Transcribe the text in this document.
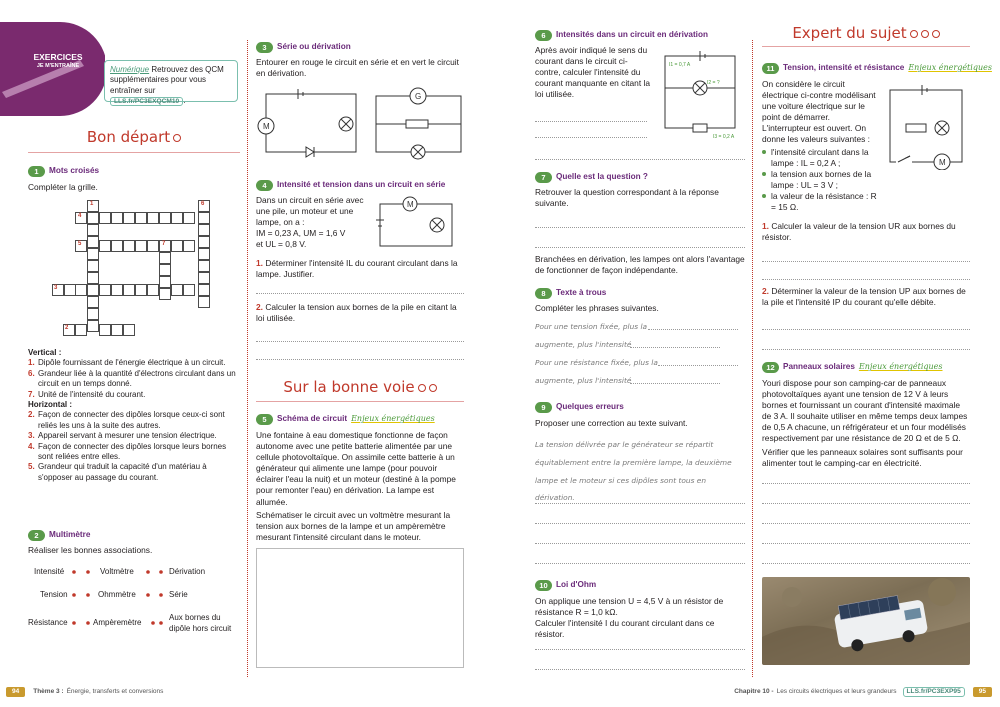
EXERCICES
JE M'ENTRAÎNE	Numérique Retrouvez des QCM supplémentaires pour vous entraîner sur LLS.fr/PC3EXQCM10 .
Bon départ
1	Mots croisés
Compléter la grille.
1	6
4
5	7
3
2
Vertical :
1. Dipôle fournissant de l'énergie électrique à un circuit.
6. Grandeur liée à la quantité d'électrons circulant dans un circuit en un temps donné.
7. Unité de l'intensité du courant.
Horizontal :
2. Façon de connecter des dipôles lorsque ceux-ci sont reliés les uns à la suite des autres.
3. Appareil servant à mesurer une tension électrique.
4. Façon de connecter des dipôles lorsque leurs bornes sont reliées entre elles.
5. Grandeur qui traduit la capacité d'un matériau à s'opposer au passage du courant.
2	Multimètre
Réaliser les bonnes associations.
Intensité
Tension
Résistance
Voltmètre
Ohmmètre
Ampèremètre
Dérivation
Série
Aux bornes du dipôle hors circuit
3	Série ou dérivation
Entourer en rouge le circuit en série et en vert le circuit en dérivation.
M
G
4	Intensité et tension dans un circuit en série
Dans un circuit en série avec une pile, un moteur et une lampe, on a :
IM = 0,23 A, UM = 1,6 V
et UL = 0,8 V.
M
1. Déterminer l'intensité IL du courant circulant dans la lampe. Justifier.
2. Calculer la tension aux bornes de la pile en citant la loi utilisée.
Sur la bonne voie
5	Schéma de circuit Enjeux énergétiques
Une fontaine à eau domestique fonctionne de façon autonome avec une petite batterie alimentée par une cellule photovoltaïque. On assimile cette batterie à un générateur qui alimente une lampe (pour pouvoir éclairer l'eau la nuit) et un moteur (destiné à la pompe pour remonter l'eau) en dérivation. La lampe est allumée.
Schématiser le circuit avec un voltmètre mesurant la tension aux bornes de la lampe et un ampèremètre mesurant l'intensité circulant dans le moteur.
94	Thème 3 : Énergie, transferts et conversions
6	Intensités dans un circuit en dérivation
Après avoir indiqué le sens du courant dans le circuit ci-contre, calculer l'intensité du courant manquante en citant la loi utilisée.
I1 = 0,7 A
I2 = ?
I3 = 0,2 A
7	Quelle est la question ?
Retrouver la question correspondant à la réponse suivante.
Branchées en dérivation, les lampes ont alors l'avantage de fonctionner de façon indépendante.
8	Texte à trous
Compléter les phrases suivantes.
Pour une tension fixée, plus la
augmente, plus l'intensité
Pour une résistance fixée, plus la
augmente, plus l'intensité
9	Quelques erreurs
Proposer une correction au texte suivant.
La tension délivrée par le générateur se répartit équitablement entre la première lampe, la deuxième lampe et le moteur si ces dipôles sont tous en dérivation.
10	Loi d'Ohm
On applique une tension U = 4,5 V à un résistor de résistance R = 1,0 kΩ.
Calculer l'intensité I du courant circulant dans ce résistor.
Expert du sujet
11	Tension, intensité et résistance Enjeux énergétiques
On considère le circuit électrique ci-contre modélisant une voiture électrique sur le point de démarrer. L'interrupteur est ouvert. On donne les valeurs suivantes :
M
l'intensité circulant dans la lampe : IL = 0,2 A ;
la tension aux bornes de la lampe : UL = 3 V ;
la valeur de la résistance : R = 15 Ω.
1. Calculer la valeur de la tension UR aux bornes du résistor.
2. Déterminer la valeur de la tension UP aux bornes de la pile et l'intensité IP du courant qu'elle débite.
12	Panneaux solaires Enjeux énergétiques
Youri dispose pour son camping-car de panneaux photovoltaïques ayant une tension de 12 V à leurs bornes et fournissant un courant d'intensité maximale de 3 A. Il souhaite utiliser en même temps deux lampes de 0,5 A chacune, un réfrigérateur et un four modélisés respectivement par une résistance de 20 Ω et de 5 Ω.
Vérifier que les panneaux solaires sont suffisants pour alimenter tout le camping-car en électricité.
Chapitre 10 - Les circuits électriques et leurs grandeurs	LLS.fr/PC3EXP95	95
